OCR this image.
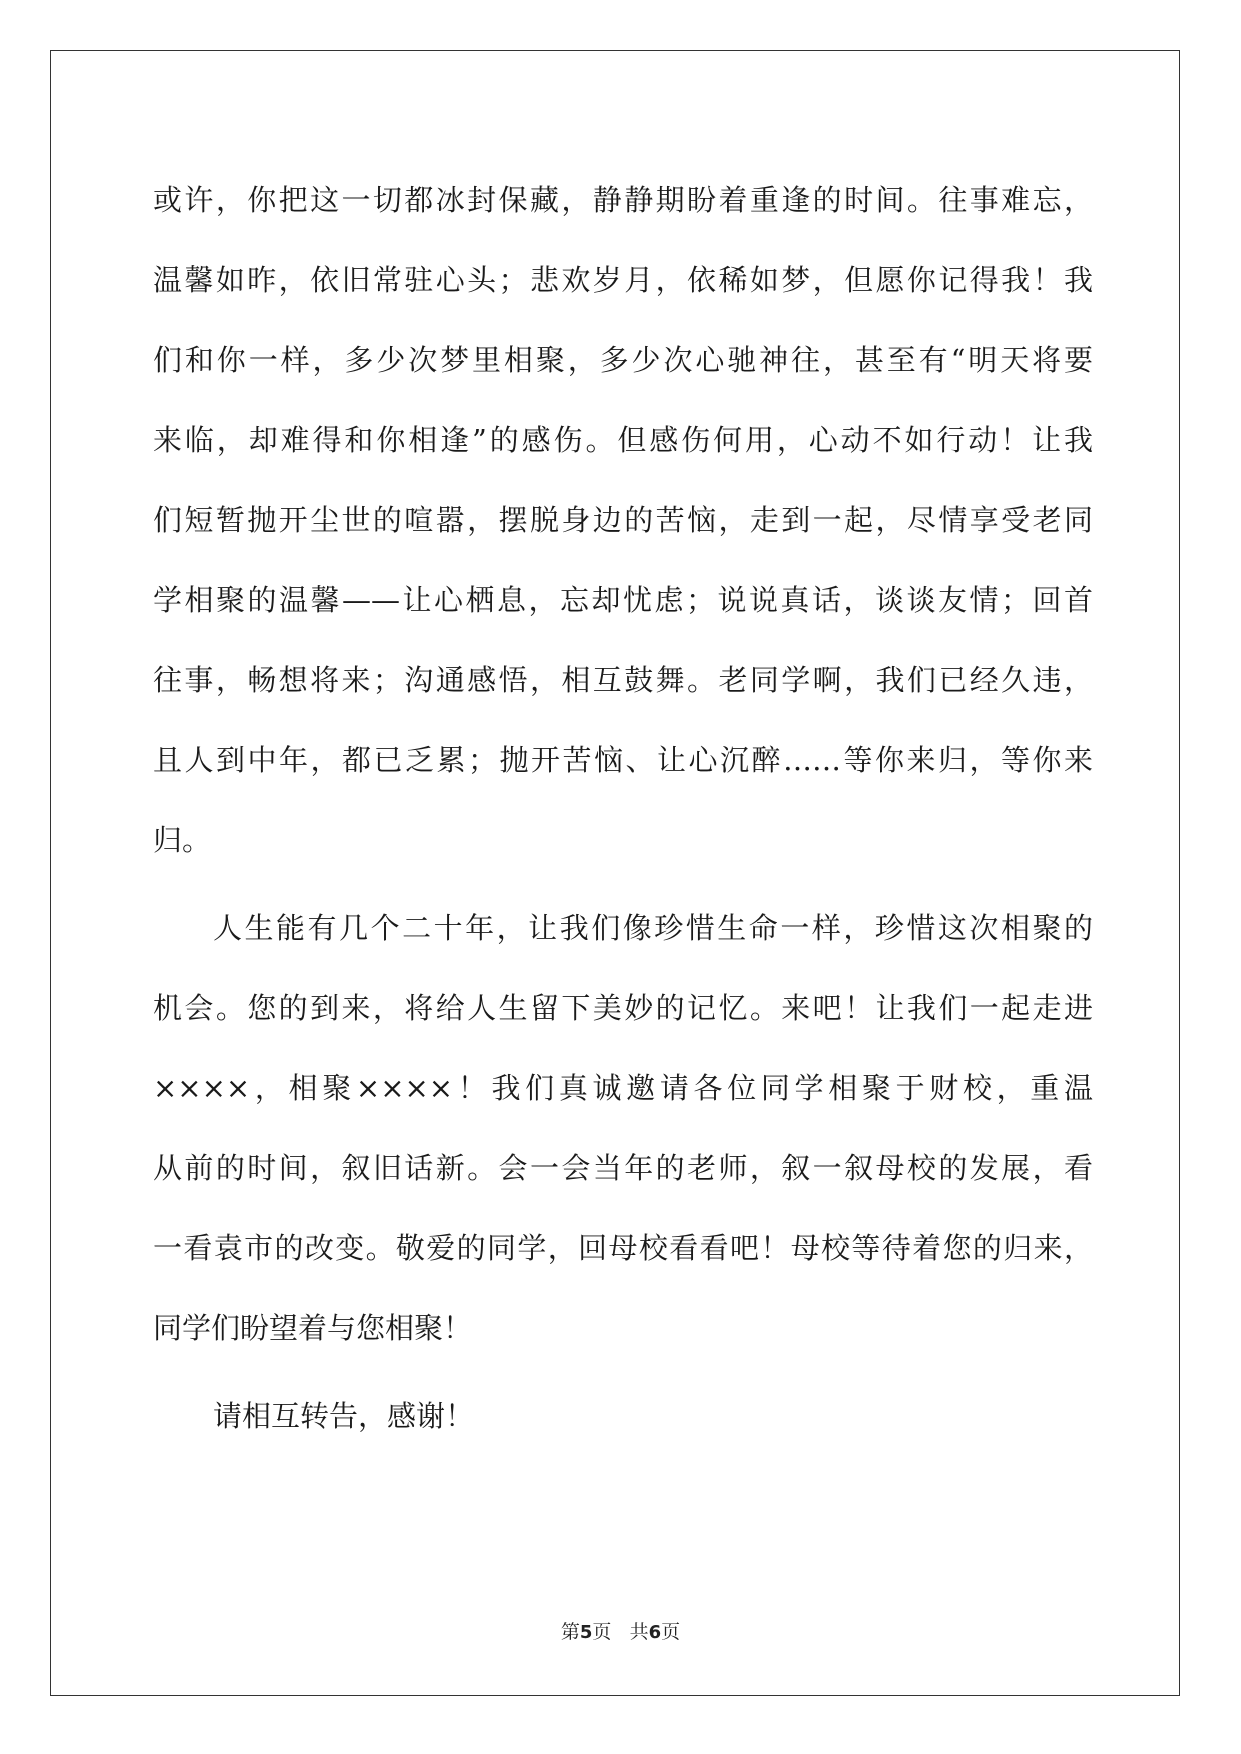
或许，你把这一切都冰封保藏，静静期盼着重逢的时间。往事难忘，
温馨如昨，依旧常驻心头；悲欢岁月，依稀如梦，但愿你记得我！我
们和你一样，多少次梦里相聚，多少次心驰神往，甚至有“明天将要
来临，却难得和你相逢”的感伤。但感伤何用，心动不如行动！让我
们短暂抛开尘世的喧嚣，摆脱身边的苦恼，走到一起，尽情享受老同
学相聚的温馨——让心栖息，忘却忧虑；说说真话，谈谈友情；回首
往事，畅想将来；沟通感悟，相互鼓舞。老同学啊，我们已经久违，
且人到中年，都已乏累；抛开苦恼、让心沉醉……等你来归，等你来
归。
人生能有几个二十年，让我们像珍惜生命一样，珍惜这次相聚的
机会。您的到来，将给人生留下美妙的记忆。来吧！让我们一起走进
××××，相聚××××！我们真诚邀请各位同学相聚于财校，重温
从前的时间，叙旧话新。会一会当年的老师，叙一叙母校的发展，看
一看袁市的改变。敬爱的同学，回母校看看吧！母校等待着您的归来，
同学们盼望着与您相聚！
请相互转告，感谢！
第5页 共6页
